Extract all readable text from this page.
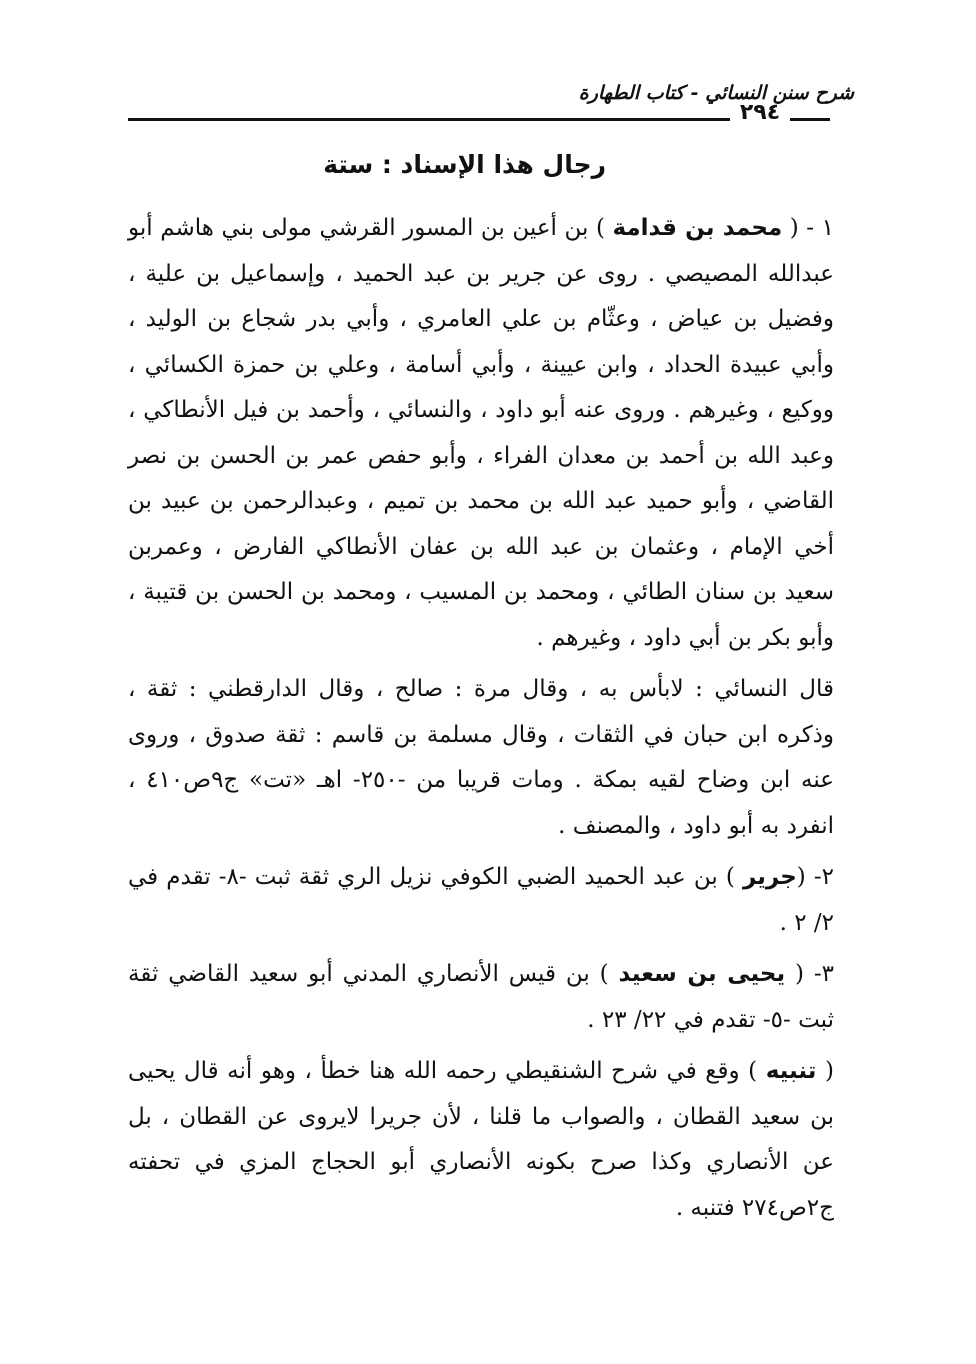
شرح سنن النسائي - كتاب الطهارة
٢٩٤
رجال هذا الإسناد : ستة

١ - ( محمد بن قدامة ) بن أعين بن المسور القرشي مولى بني هاشم أبو عبدالله المصيصي . روى عن جرير بن عبد الحميد ، وإسماعيل بن علية ، وفضيل بن عياض ، وعثّام بن علي العامري ، وأبي بدر شجاع بن الوليد ، وأبي عبيدة الحداد ، وابن عيينة ، وأبي أسامة ، وعلي بن حمزة الكسائي ، ووكيع ، وغيرهم . وروى عنه أبو داود ، والنسائي ، وأحمد بن فيل الأنطاكي ، وعبد الله بن أحمد بن معدان الفراء ، وأبو حفص عمر بن الحسن بن نصر القاضي ، وأبو حميد عبد الله بن محمد بن تميم ، وعبدالرحمن بن عبيد بن أخي الإمام ، وعثمان بن عبد الله بن عفان الأنطاكي الفارض ، وعمربن سعيد بن سنان الطائي ، ومحمد بن المسيب ، ومحمد بن الحسن بن قتيبة ، وأبو بكر بن أبي داود ، وغيرهم .

قال النسائي : لابأس به ، وقال مرة : صالح ، وقال الدارقطني : ثقة ، وذكره ابن حبان في الثقات ، وقال مسلمة بن قاسم : ثقة صدوق ، وروى عنه ابن وضاح لقيه بمكة . ومات قريبا من -٢٥٠- اهـ «تت» ج٩ص٤١٠ ، انفرد به أبو داود ، والمصنف .

٢- (جرير ) بن عبد الحميد الضبي الكوفي نزيل الري ثقة ثبت -٨- تقدم في ٢/ ٢ .

٣- ( يحيى بن سعيد ) بن قيس الأنصاري المدني أبو سعيد القاضي ثقة ثبت -٥- تقدم في ٢٢/ ٢٣ .

( تنبيه ) وقع في شرح الشنقيطي رحمه الله هنا خطأ ، وهو أنه قال يحيى بن سعيد القطان ، والصواب ما قلنا ، لأن جريرا لايروى عن القطان ، بل عن الأنصاري وكذا صرح بكونه الأنصاري أبو الحجاج المزي في تحفته ج٢ص٢٧٤ فتنبه .
